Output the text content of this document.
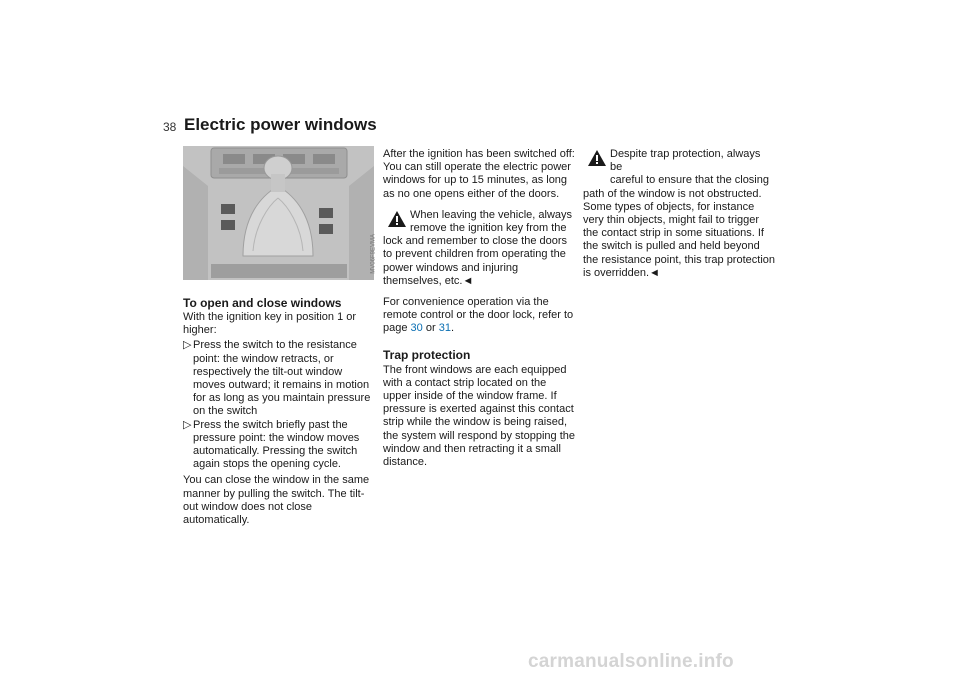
38 Electric power windows
MV06F9EVMA
To open and close windows

With the ignition key in position 1 or higher:

▷ Press the switch to the resistance point: the window retracts, or respectively the tilt-out window moves outward; it remains in motion for as long as you maintain pressure on the switch
▷ Press the switch briefly past the pressure point: the window moves automatically. Pressing the switch again stops the opening cycle.

You can close the window in the same manner by pulling the switch. The tilt-out window does not close automatically.

After the ignition has been switched off: You can still operate the electric power windows for up to 15 minutes, as long as no one opens either of the doors.

When leaving the vehicle, always
remove the ignition key from the
lock and remember to close the doors to prevent children from operating the power windows and injuring themselves, etc.◄

For convenience operation via the remote control or the door lock, refer to page 30 or 31.

Trap protection

The front windows are each equipped with a contact strip located on the upper inside of the window frame. If pressure is exerted against this contact strip while the window is being raised, the system will respond by stopping the window and then retracting it a small distance.

Despite trap protection, always be
careful to ensure that the closing
path of the window is not obstructed. Some types of objects, for instance very thin objects, might fail to trigger the contact strip in some situations. If the switch is pulled and held beyond the resistance point, this trap protection is overridden.◄
carmanualsonline.info
